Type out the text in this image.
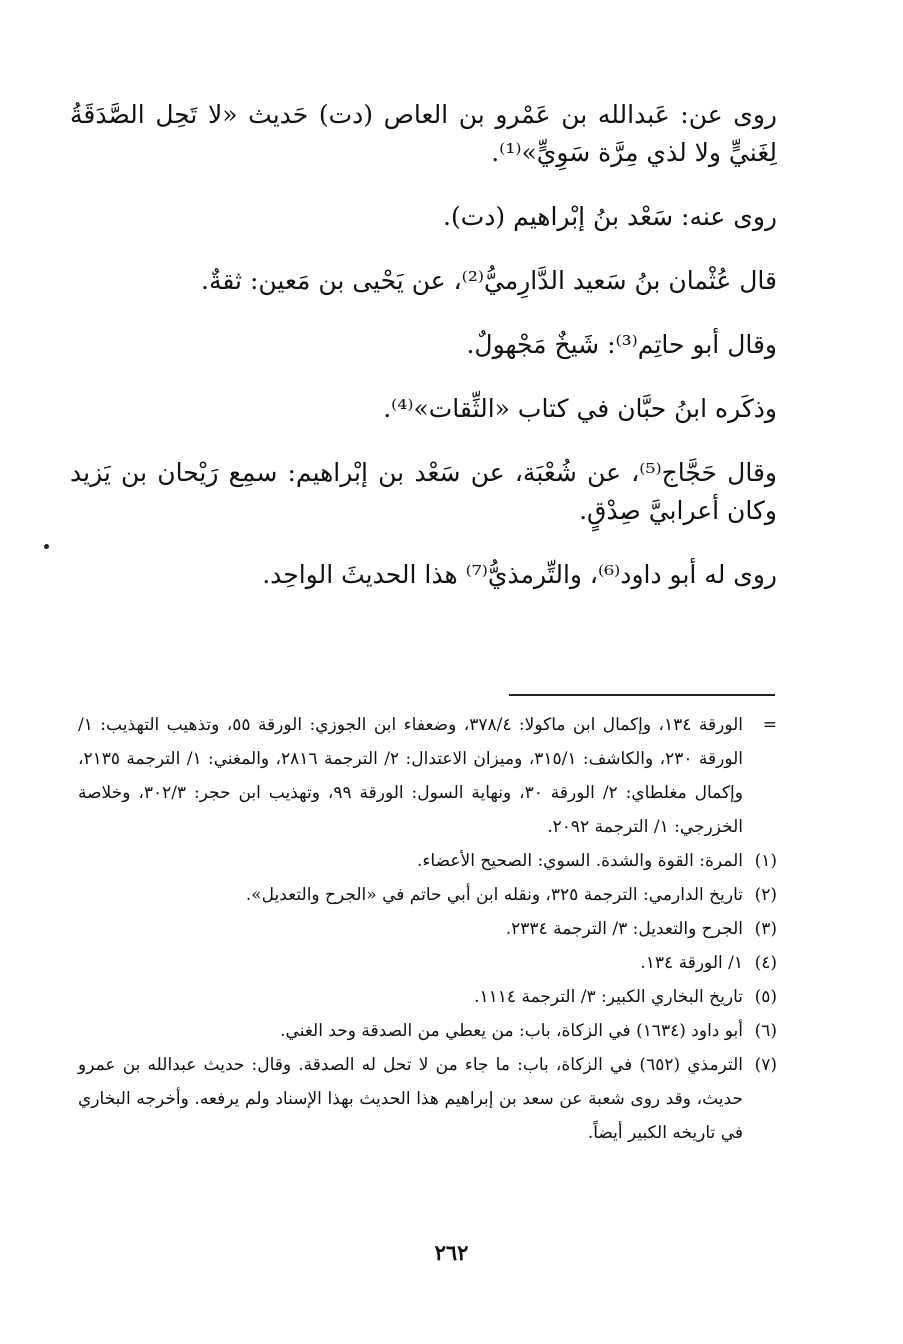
روى عن: عَبدالله بن عَمْرو بن العاص (دت) حَديث «لا تَحِل الصَّدَقَةُ لِغَنيٍّ ولا لذي مِرَّة سَوِيٍّ»⁽¹⁾.

روى عنه: سَعْد بنُ إبْراهيم (دت).

قال عُثْمان بنُ سَعيد الدَّارِميُّ⁽²⁾، عن يَحْيى بن مَعين: ثقةٌ.

وقال أبو حاتِم⁽³⁾: شَيخٌ مَجْهولٌ.

وذكَره ابنُ حبَّان في كتاب «الثِّقات»⁽⁴⁾.

وقال حَجَّاج⁽⁵⁾، عن شُعْبَة، عن سَعْد بن إبْراهيم: سمِع رَيْحان بن يَزيد وكان أعرابيَّ صِدْقٍ.

روى له أبو داود⁽⁶⁾، والتِّرمذيُّ⁽⁷⁾ هذا الحديثَ الواحِد.

=
الورقة ١٣٤، وإكمال ابن ماكولا: ٣٧٨/٤، وضعفاء ابن الجوزي: الورقة ٥٥، وتذهيب التهذيب: ١/ الورقة ٢٣٠، والكاشف: ٣١٥/١، وميزان الاعتدال: ٢/ الترجمة ٢٨١٦، والمغني: ١/ الترجمة ٢١٣٥، وإكمال مغلطاي: ٢/ الورقة ٣٠، ونهاية السول: الورقة ٩٩، وتهذيب ابن حجر: ٣٠٢/٣، وخلاصة الخزرجي: ١/ الترجمة ٢٠٩٢.
(١)
المرة: القوة والشدة. السوي: الصحيح الأعضاء.
(٢)
تاريخ الدارمي: الترجمة ٣٢٥، ونقله ابن أبي حاتم في «الجرح والتعديل».
(٣)
الجرح والتعديل: ٣/ الترجمة ٢٣٣٤.
(٤)
١/ الورقة ١٣٤.
(٥)
تاريخ البخاري الكبير: ٣/ الترجمة ١١١٤.
(٦)
أبو داود (١٦٣٤) في الزكاة، باب: من يعطي من الصدقة وحد الغني.
(٧)
الترمذي (٦٥٢) في الزكاة، باب: ما جاء من لا تحل له الصدقة. وقال: حديث عبدالله بن عمرو حديث، وقد روى شعبة عن سعد بن إبراهيم هذا الحديث بهذا الإسناد ولم يرفعه. وأخرجه البخاري في تاريخه الكبير أيضاً.
٢٦٢
